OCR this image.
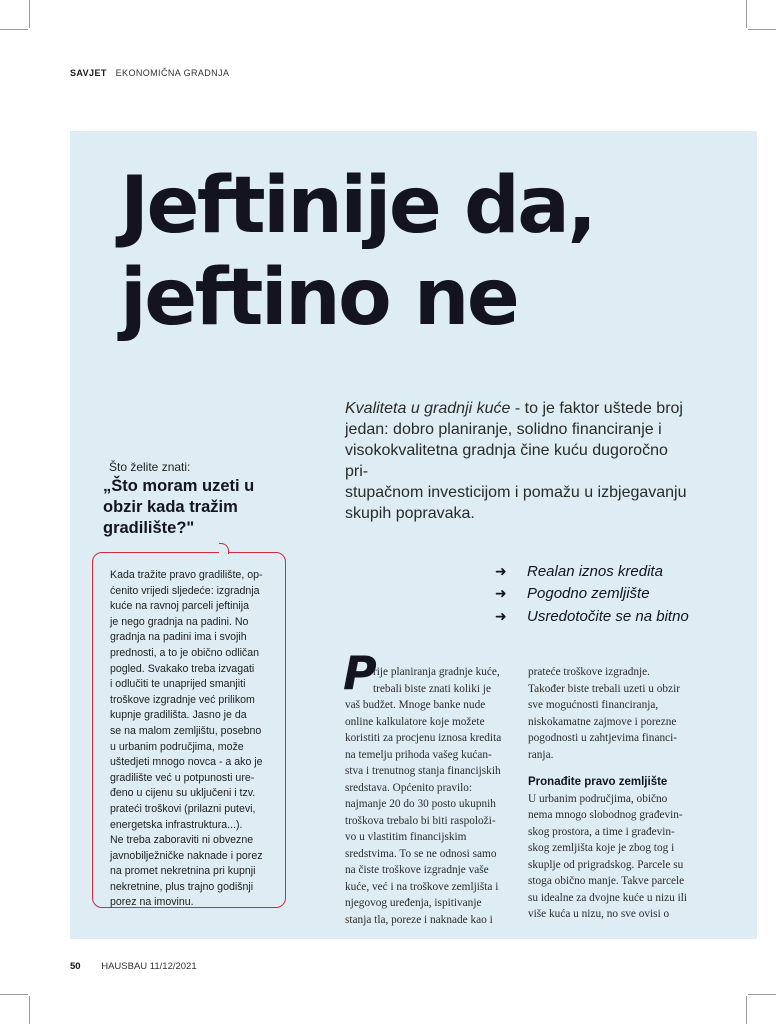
SAVJET EKONOMIČNA GRADNJA
Jeftinije da,
jeftino ne
Kvaliteta u gradnji kuće - to je faktor uštede broj
jedan: dobro planiranje, solidno financiranje i
visokokvalitetna gradnja čine kuću dugoročno pri-
stupačnom investicijom i pomažu u izbjegavanju
skupih popravaka.
Što želite znati:
„Što moram uzeti u obzir kada tražim gradilište?"
Kada tražite pravo gradilište, op-
ćenito vrijedi sljedeće: izgradnja
kuće na ravnoj parceli jeftinija
je nego gradnja na padini. No
gradnja na padini ima i svojih
prednosti, a to je obično odličan
pogled. Svakako treba izvagati
i odlučiti te unaprijed smanjiti
troškove izgradnje već prilikom
kupnje gradilišta. Jasno je da
se na malom zemljištu, posebno
u urbanim područjima, može
uštedjeti mnogo novca - a ako je
gradilište već u potpunosti ure-
đeno u cijenu su uključeni i tzv.
prateći troškovi (prilazni putevi,
energetska infrastruktura...).
Ne treba zaboraviti ni obvezne
javnobilježničke naknade i porez
na promet nekretnina pri kupnji
nekretnine, plus trajno godišnji
porez na imovinu.
➜	Realan iznos kredita
➜	Pogodno zemljište
➜	Usredotočite se na bitno
P
rije planiranja gradnje kuće,
trebali biste znati koliki je
vaš budžet. Mnoge banke nude
online kalkulatore koje možete
koristiti za procjenu iznosa kredita
na temelju prihoda vašeg kućan-
stva i trenutnog stanja financijskih
sredstava. Općenito pravilo:
najmanje 20 do 30 posto ukupnih
troškova trebalo bi biti raspoloži-
vo u vlastitim financijskim
sredstvima. To se ne odnosi samo
na čiste troškove izgradnje vaše
kuće, već i na troškove zemljišta i
njegovog uređenja, ispitivanje
stanja tla, poreze i naknade kao i
prateće troškove izgradnje.
Također biste trebali uzeti u obzir
sve mogućnosti financiranja,
niskokamatne zajmove i porezne
pogodnosti u zahtjevima financi-
ranja.
Pronađite pravo zemljište
U urbanim područjima, obično
nema mnogo slobodnog građevin-
skog prostora, a time i građevin-
skog zemljišta koje je zbog tog i
skuplje od prigradskog. Parcele su
stoga obično manje. Takve parcele
su idealne za dvojne kuće u nizu ili
više kuća u nizu, no sve ovisi o
50 HAUSBAU 11/12/2021
